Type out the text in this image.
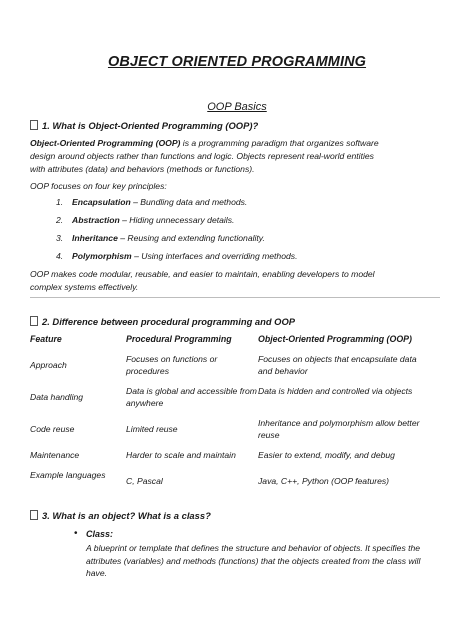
OBJECT ORIENTED PROGRAMMING
OOP Basics
1. What is Object-Oriented Programming (OOP)?
Object-Oriented Programming (OOP) is a programming paradigm that organizes software
design around objects rather than functions and logic. Objects represent real-world entities
with attributes (data) and behaviors (methods or functions).
OOP focuses on four key principles:
1. Encapsulation – Bundling data and methods.
2. Abstraction – Hiding unnecessary details.
3. Inheritance – Reusing and extending functionality.
4. Polymorphism – Using interfaces and overriding methods.
OOP makes code modular, reusable, and easier to maintain, enabling developers to model
complex systems effectively.
2. Difference between procedural programming and OOP
Feature	Procedural Programming	Object-Oriented Programming (OOP)
Approach	Focuses on functions or procedures	Focuses on objects that encapsulate data and behavior
Data handling	Data is global and accessible from anywhere	Data is hidden and controlled via objects
Code reuse	Limited reuse	Inheritance and polymorphism allow better reuse
Maintenance	Harder to scale and maintain	Easier to extend, modify, and debug
Example languages	C, Pascal	Java, C++, Python (OOP features)
3. What is an object? What is a class?
• Class:
A blueprint or template that defines the structure and behavior of objects. It specifies the attributes (variables) and methods (functions) that the objects created from the class will have.
